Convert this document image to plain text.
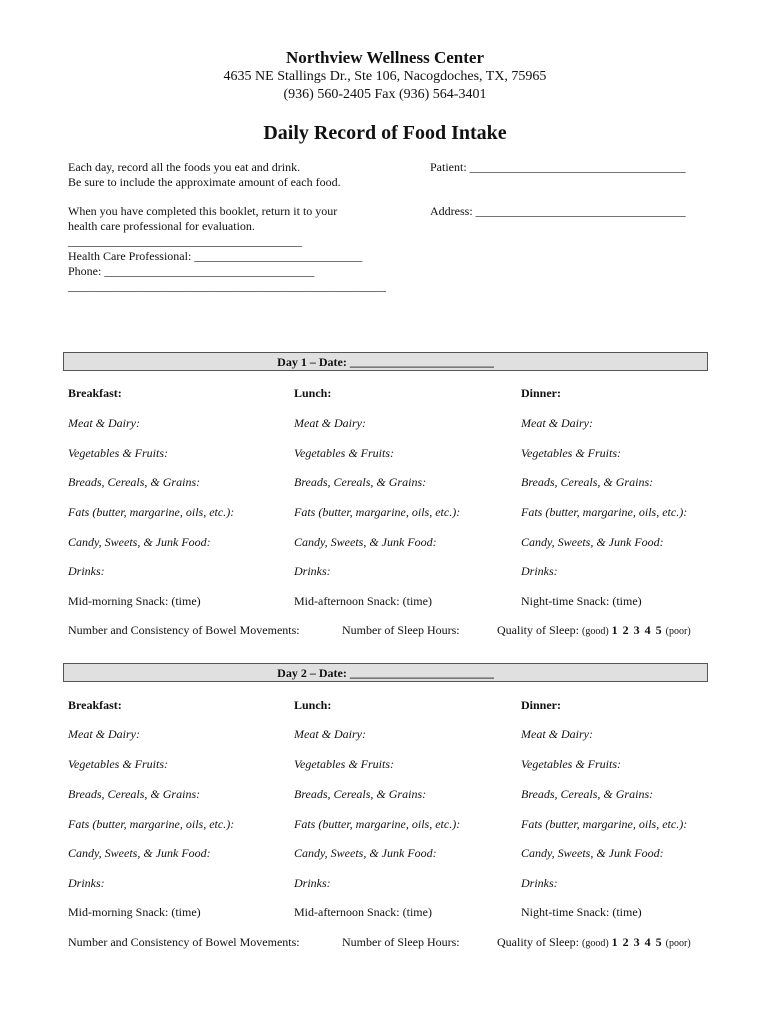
Northview Wellness Center
4635 NE Stallings Dr., Ste 106, Nacogdoches, TX, 75965
(936) 560-2405 Fax (936) 564-3401
Daily Record of Food Intake
Each day, record all the foods you eat and drink.
Be sure to include the approximate amount of each food.
When you have completed this booklet, return it to your
health care professional for evaluation.
_______________________________________
Health Care Professional: ____________________________
Phone: ___________________________________
_____________________________________________________
Patient: ____________________________________
Address: ___________________________________
Day 1 – Date: ________________________
Breakfast:	Lunch:	Dinner:
Meat & Dairy:	Meat & Dairy:	Meat & Dairy:
Vegetables & Fruits:	Vegetables & Fruits:	Vegetables & Fruits:
Breads, Cereals, & Grains:	Breads, Cereals, & Grains:	Breads, Cereals, & Grains:
Fats (butter, margarine, oils, etc.):	Fats (butter, margarine, oils, etc.):	Fats (butter, margarine, oils, etc.):
Candy, Sweets, & Junk Food:	Candy, Sweets, & Junk Food:	Candy, Sweets, & Junk Food:
Drinks:	Drinks:	Drinks:
Mid-morning Snack: (time)	Mid-afternoon Snack: (time)	Night-time Snack: (time)
Number and Consistency of Bowel Movements:	Number of Sleep Hours:	Quality of Sleep: (good) 1 2 3 4 5 (poor)
Day 2 – Date: ________________________
Breakfast:	Lunch:	Dinner:
Meat & Dairy:	Meat & Dairy:	Meat & Dairy:
Vegetables & Fruits:	Vegetables & Fruits:	Vegetables & Fruits:
Breads, Cereals, & Grains:	Breads, Cereals, & Grains:	Breads, Cereals, & Grains:
Fats (butter, margarine, oils, etc.):	Fats (butter, margarine, oils, etc.):	Fats (butter, margarine, oils, etc.):
Candy, Sweets, & Junk Food:	Candy, Sweets, & Junk Food:	Candy, Sweets, & Junk Food:
Drinks:	Drinks:	Drinks:
Mid-morning Snack: (time)	Mid-afternoon Snack: (time)	Night-time Snack: (time)
Number and Consistency of Bowel Movements:	Number of Sleep Hours:	Quality of Sleep: (good) 1 2 3 4 5 (poor)
